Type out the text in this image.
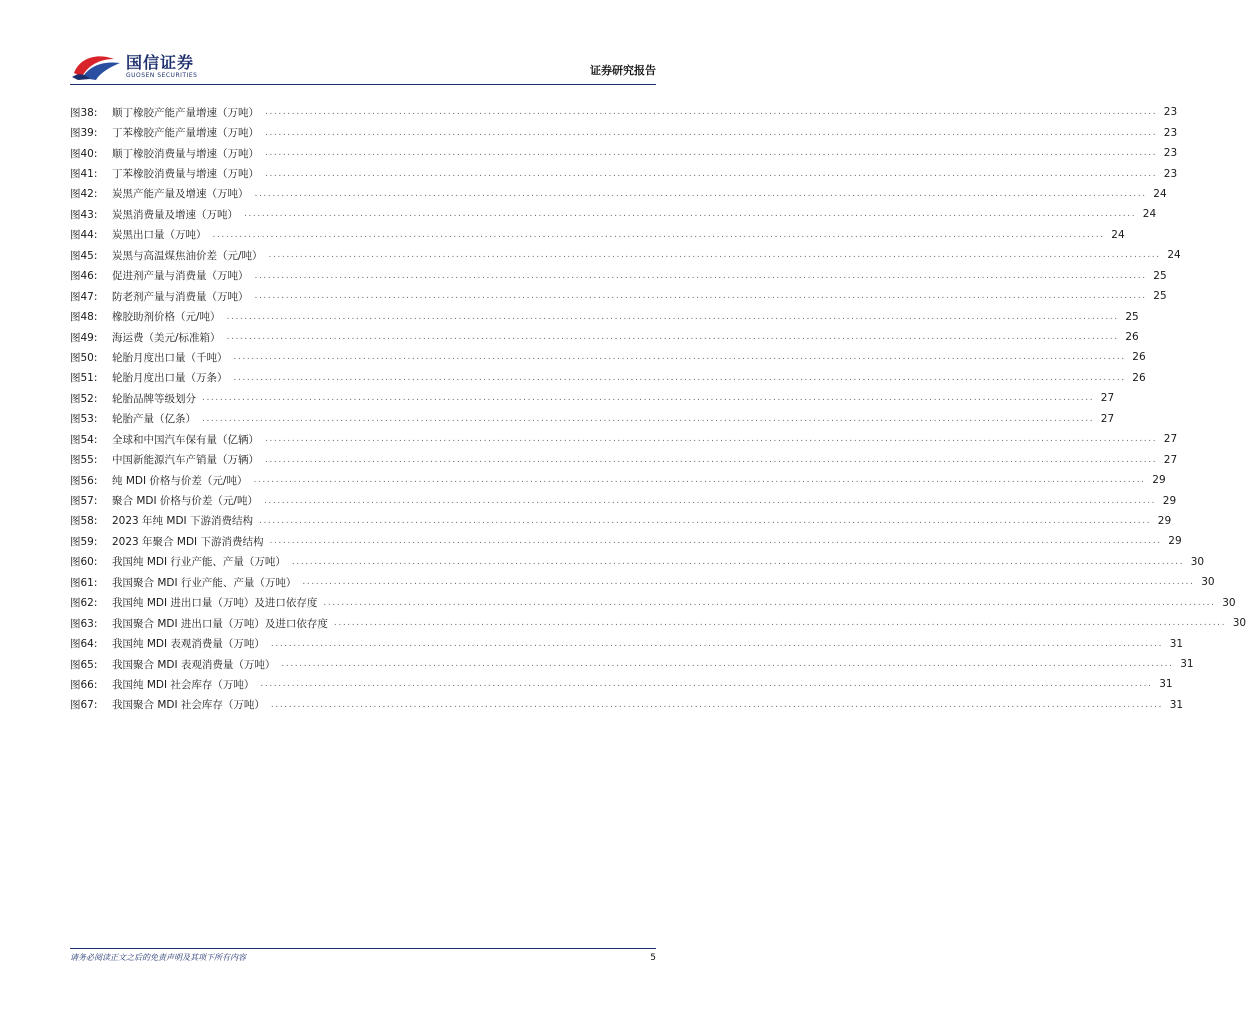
国信证券
GUOSEN SECURITIES	证券研究报告
图38:	顺丁橡胶产能产量增速（万吨） ........................................................................................................................................................................................................ 23
图39:	丁苯橡胶产能产量增速（万吨） ........................................................................................................................................................................................................ 23
图40:	顺丁橡胶消费量与增速（万吨） ........................................................................................................................................................................................................ 23
图41:	丁苯橡胶消费量与增速（万吨） ........................................................................................................................................................................................................ 23
图42:	炭黑产能产量及增速（万吨） ........................................................................................................................................................................................................ 24
图43:	炭黑消费量及增速（万吨） ........................................................................................................................................................................................................ 24
图44:	炭黑出口量（万吨） ........................................................................................................................................................................................................ 24
图45:	炭黑与高温煤焦油价差（元/吨） ........................................................................................................................................................................................................ 24
图46:	促进剂产量与消费量（万吨） ........................................................................................................................................................................................................ 25
图47:	防老剂产量与消费量（万吨） ........................................................................................................................................................................................................ 25
图48:	橡胶助剂价格（元/吨） ........................................................................................................................................................................................................ 25
图49:	海运费（美元/标准箱） ........................................................................................................................................................................................................ 26
图50:	轮胎月度出口量（千吨） ........................................................................................................................................................................................................ 26
图51:	轮胎月度出口量（万条） ........................................................................................................................................................................................................ 26
图52:	轮胎品牌等级划分 ........................................................................................................................................................................................................ 27
图53:	轮胎产量（亿条） ........................................................................................................................................................................................................ 27
图54:	全球和中国汽车保有量（亿辆） ........................................................................................................................................................................................................ 27
图55:	中国新能源汽车产销量（万辆） ........................................................................................................................................................................................................ 27
图56:	纯 MDI 价格与价差（元/吨） ........................................................................................................................................................................................................ 29
图57:	聚合 MDI 价格与价差（元/吨） ........................................................................................................................................................................................................ 29
图58:	2023 年纯 MDI 下游消费结构 ........................................................................................................................................................................................................ 29
图59:	2023 年聚合 MDI 下游消费结构 ........................................................................................................................................................................................................ 29
图60:	我国纯 MDI 行业产能、产量（万吨） ........................................................................................................................................................................................................ 30
图61:	我国聚合 MDI 行业产能、产量（万吨） ........................................................................................................................................................................................................ 30
图62:	我国纯 MDI 进出口量（万吨）及进口依存度 ........................................................................................................................................................................................................ 30
图63:	我国聚合 MDI 进出口量（万吨）及进口依存度 ........................................................................................................................................................................................................ 30
图64:	我国纯 MDI 表观消费量（万吨） ........................................................................................................................................................................................................ 31
图65:	我国聚合 MDI 表观消费量（万吨） ........................................................................................................................................................................................................ 31
图66:	我国纯 MDI 社会库存（万吨） ........................................................................................................................................................................................................ 31
图67:	我国聚合 MDI 社会库存（万吨） ........................................................................................................................................................................................................ 31
请务必阅读正文之后的免责声明及其项下所有内容	5
